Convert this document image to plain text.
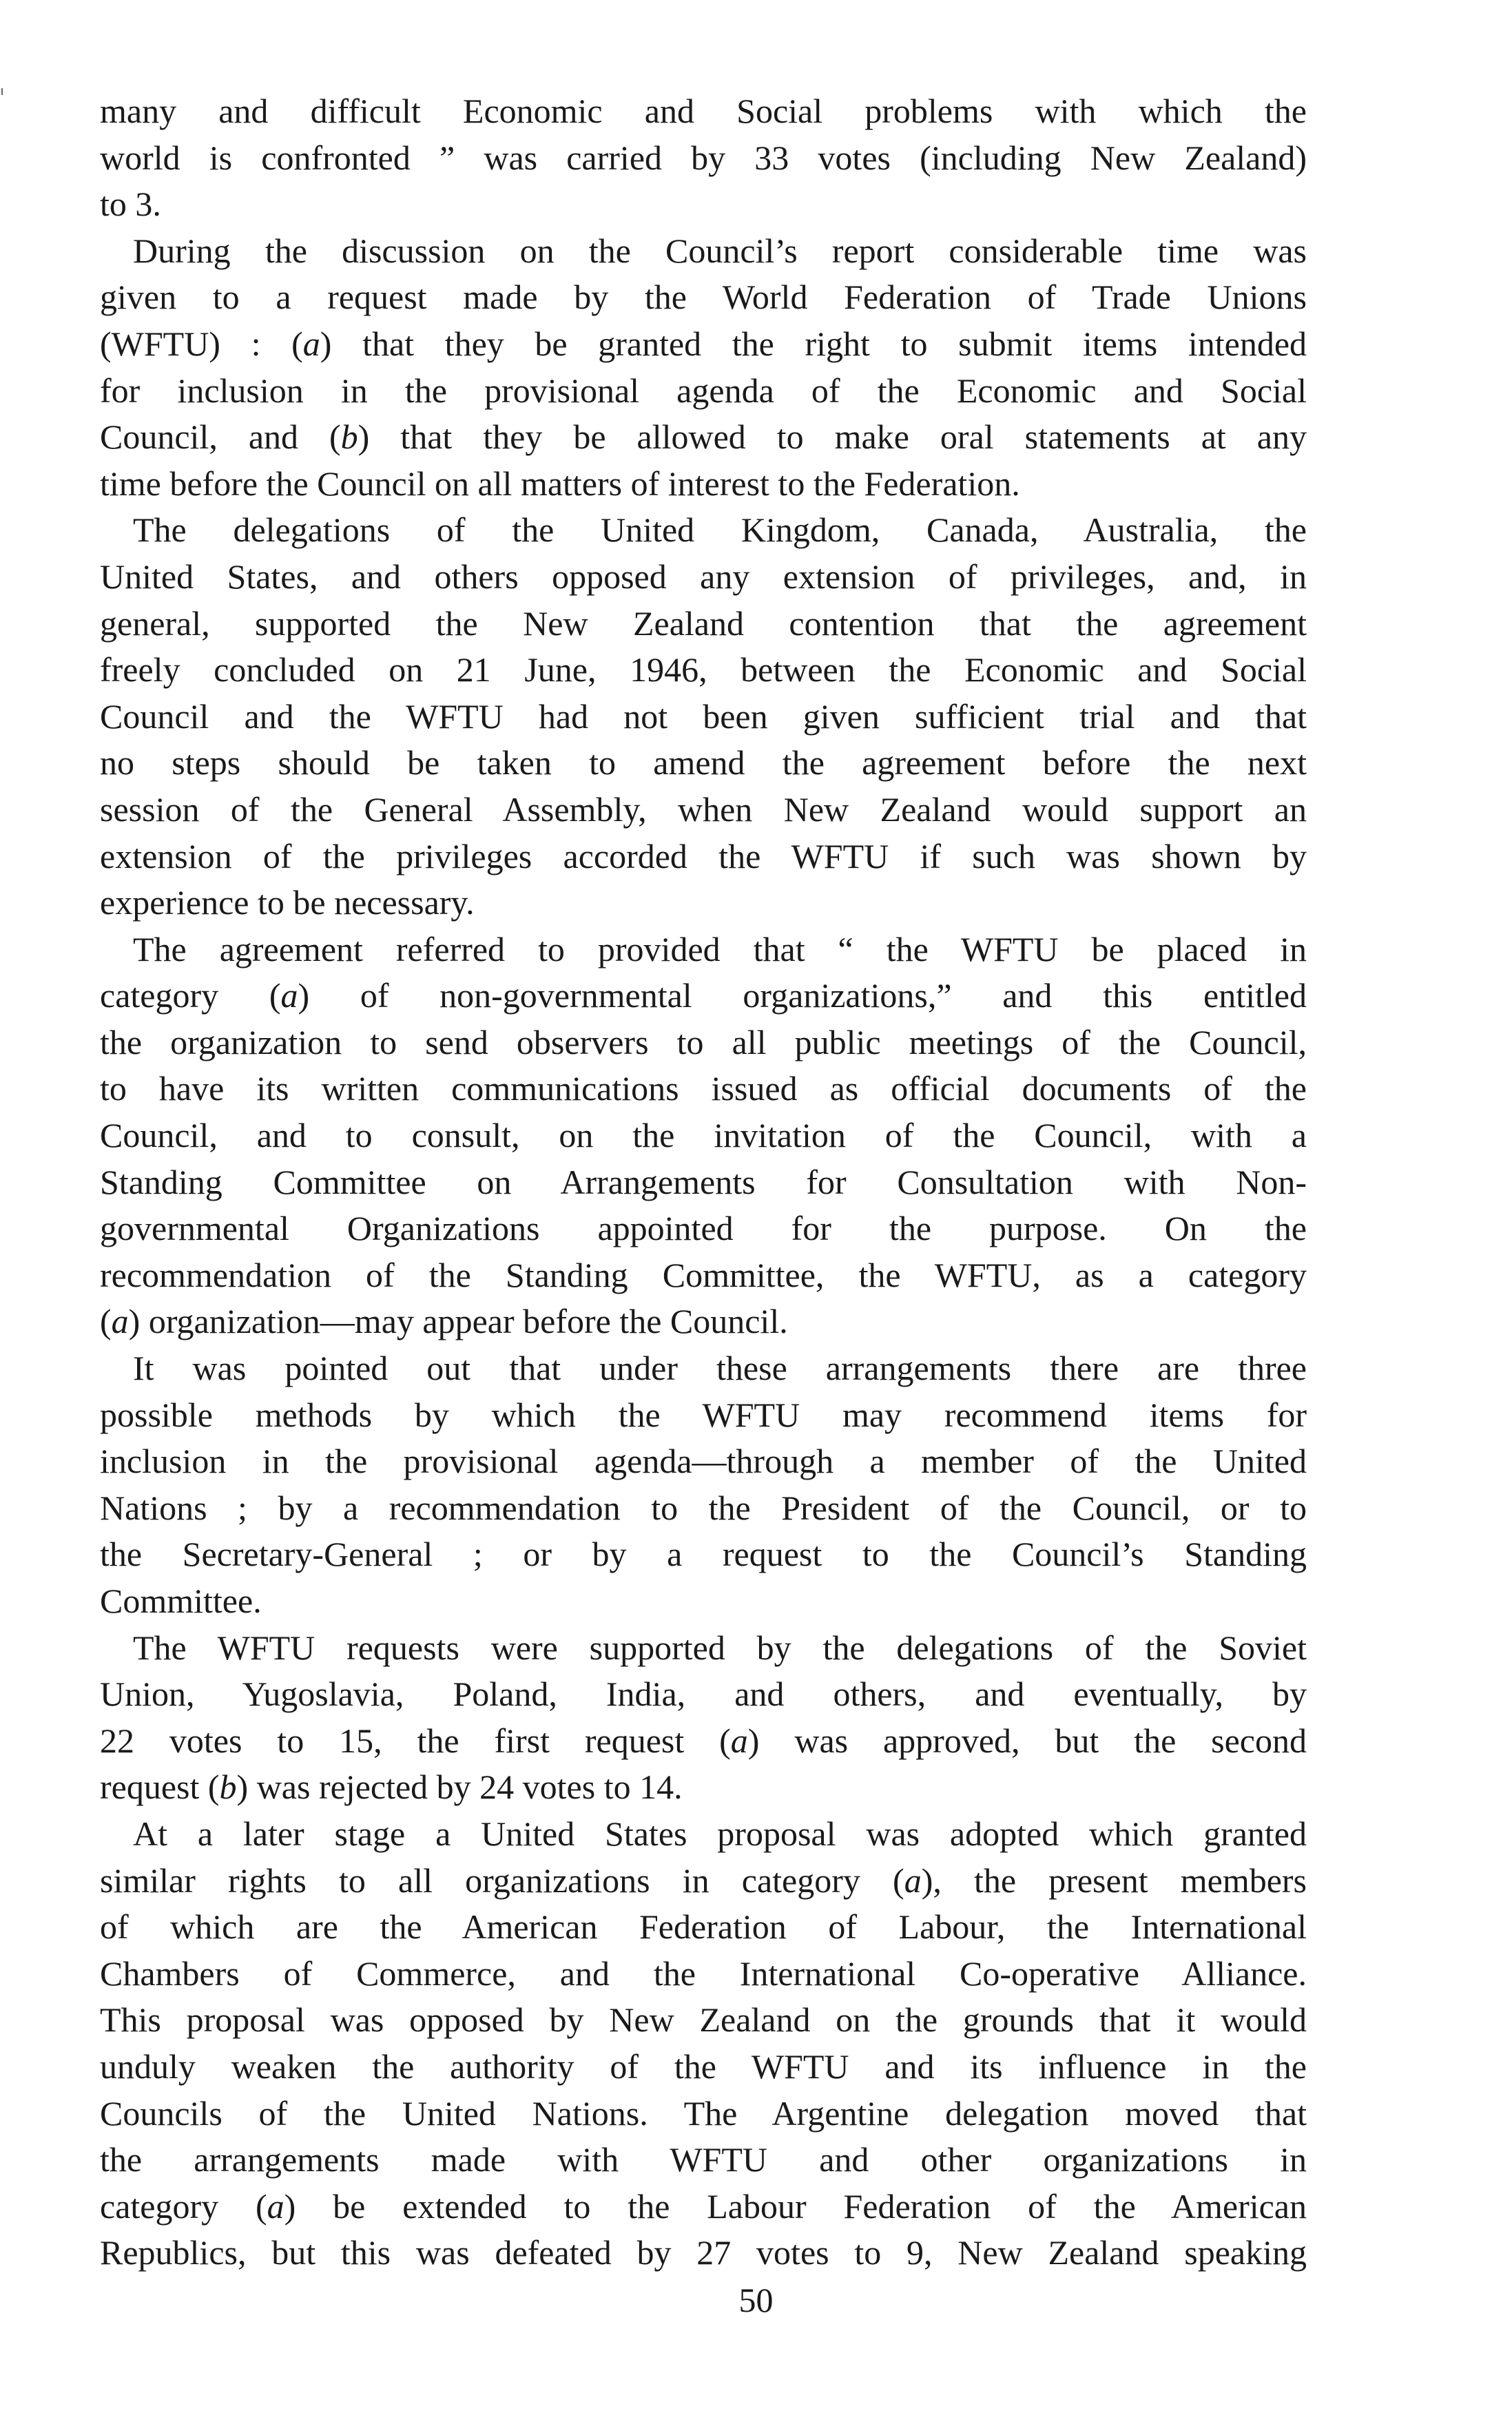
many and difficult Economic and Social problems with which the
world is confronted ” was carried by 33 votes (including New Zealand)
to 3.
During the discussion on the Council’s report considerable time was
given to a request made by the World Federation of Trade Unions
(WFTU) : (a) that they be granted the right to submit items intended
for inclusion in the provisional agenda of the Economic and Social
Council, and (b) that they be allowed to make oral statements at any
time before the Council on all matters of interest to the Federation.
The delegations of the United Kingdom, Canada, Australia, the
United States, and others opposed any extension of privileges, and, in
general, supported the New Zealand contention that the agreement
freely concluded on 21 June, 1946, between the Economic and Social
Council and the WFTU had not been given sufficient trial and that
no steps should be taken to amend the agreement before the next
session of the General Assembly, when New Zealand would support an
extension of the privileges accorded the WFTU if such was shown by
experience to be necessary.
The agreement referred to provided that “ the WFTU be placed in
category (a) of non-governmental organizations,” and this entitled
the organization to send observers to all public meetings of the Council,
to have its written communications issued as official documents of the
Council, and to consult, on the invitation of the Council, with a
Standing Committee on Arrangements for Consultation with Non-
governmental Organizations appointed for the purpose. On the
recommendation of the Standing Committee, the WFTU, as a category
(a) organization—may appear before the Council.
It was pointed out that under these arrangements there are three
possible methods by which the WFTU may recommend items for
inclusion in the provisional agenda—through a member of the United
Nations ; by a recommendation to the President of the Council, or to
the Secretary-General ; or by a request to the Council’s Standing
Committee.
The WFTU requests were supported by the delegations of the Soviet
Union, Yugoslavia, Poland, India, and others, and eventually, by
22 votes to 15, the first request (a) was approved, but the second
request (b) was rejected by 24 votes to 14.
At a later stage a United States proposal was adopted which granted
similar rights to all organizations in category (a), the present members
of which are the American Federation of Labour, the International
Chambers of Commerce, and the International Co-operative Alliance.
This proposal was opposed by New Zealand on the grounds that it would
unduly weaken the authority of the WFTU and its influence in the
Councils of the United Nations. The Argentine delegation moved that
the arrangements made with WFTU and other organizations in
category (a) be extended to the Labour Federation of the American
Republics, but this was defeated by 27 votes to 9, New Zealand speaking
50
